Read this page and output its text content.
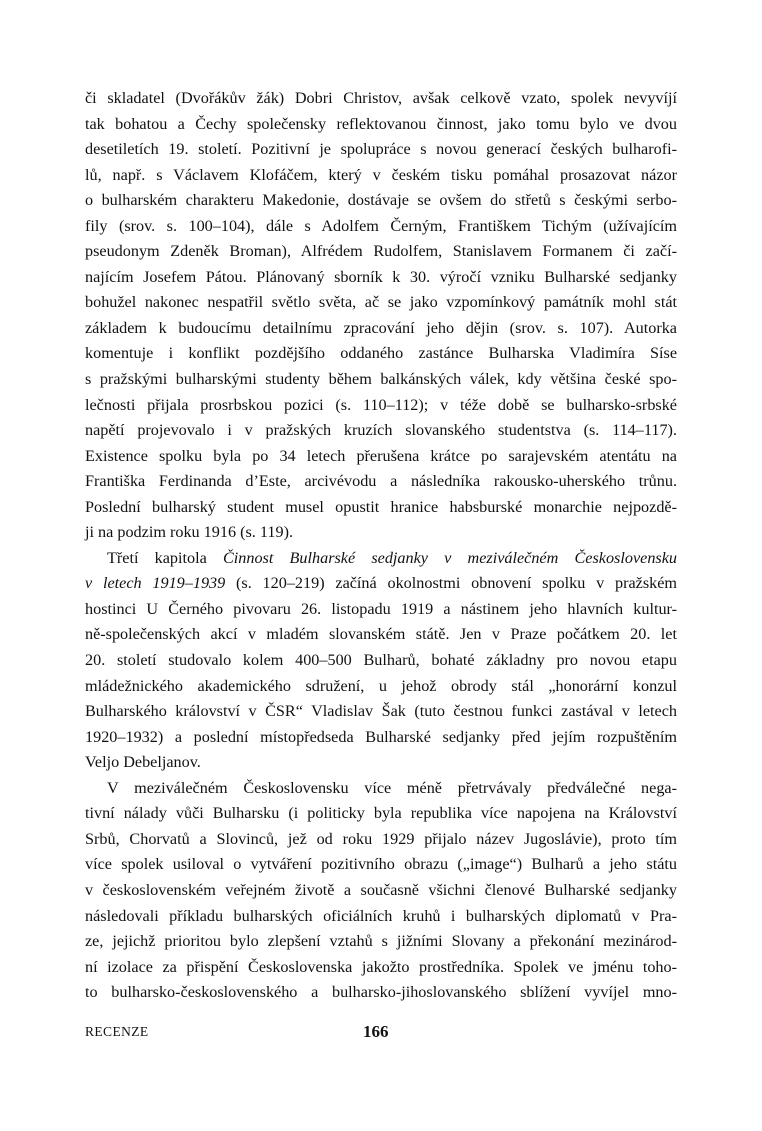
či skladatel (Dvořákův žák) Dobri Christov, avšak celkově vzato, spolek nevyvíjí
tak bohatou a Čechy společensky reflektovanou činnost, jako tomu bylo ve dvou
desetiletích 19. století. Pozitivní je spolupráce s novou generací českých bulharofi-
lů, např. s Václavem Klofáčem, který v českém tisku pomáhal prosazovat názor
o bulharském charakteru Makedonie, dostávaje se ovšem do střetů s českými serbo-
fily (srov. s. 100–104), dále s Adolfem Černým, Františkem Tichým (užívajícím
pseudonym Zdeněk Broman), Alfrédem Rudolfem, Stanislavem Formanem či začí-
najícím Josefem Pátou. Plánovaný sborník k 30. výročí vzniku Bulharské sedjanky
bohužel nakonec nespatřil světlo světa, ač se jako vzpomínkový památník mohl stát
základem k budoucímu detailnímu zpracování jeho dějin (srov. s. 107). Autorka
komentuje i konflikt pozdějšího oddaného zastánce Bulharska Vladimíra Síse
s pražskými bulharskými studenty během balkánských válek, kdy většina české spo-
lečnosti přijala prosrbskou pozici (s. 110–112); v téže době se bulharsko-srbské
napětí projevovalo i v pražských kruzích slovanského studentstva (s. 114–117).
Existence spolku byla po 34 letech přerušena krátce po sarajevském atentátu na
Františka Ferdinanda d’Este, arcivévodu a následníka rakousko-uherského trůnu.
Poslední bulharský student musel opustit hranice habsburské monarchie nejpozdě-
ji na podzim roku 1916 (s. 119).
Třetí kapitola Činnost Bulharské sedjanky v meziválečném Československu
v letech 1919–1939 (s. 120–219) začíná okolnostmi obnovení spolku v pražském
hostinci U Černého pivovaru 26. listopadu 1919 a nástinem jeho hlavních kultur-
ně-společenských akcí v mladém slovanském státě. Jen v Praze počátkem 20. let
20. století studovalo kolem 400–500 Bulharů, bohaté základny pro novou etapu
mládežnického akademického sdružení, u jehož obrody stál „honorární konzul
Bulharského království v ČSR“ Vladislav Šak (tuto čestnou funkci zastával v letech
1920–1932) a poslední místopředseda Bulharské sedjanky před jejím rozpuštěním
Veljo Debeljanov.
V meziválečném Československu více méně přetrvávaly předválečné nega-
tivní nálady vůči Bulharsku (i politicky byla republika více napojena na Království
Srbů, Chorvatů a Slovinců, jež od roku 1929 přijalo název Jugoslávie), proto tím
více spolek usiloval o vytváření pozitivního obrazu („image“) Bulharů a jeho státu
v československém veřejném životě a současně všichni členové Bulharské sedjanky
následovali příkladu bulharských oficiálních kruhů i bulharských diplomatů v Pra-
ze, jejichž prioritou bylo zlepšení vztahů s jižními Slovany a překonání mezinárod-
ní izolace za přispění Československa jakožto prostředníka. Spolek ve jménu toho-
to bulharsko-československého a bulharsko-jihoslovanského sblížení vyvíjel mno-
RECENZE	166
